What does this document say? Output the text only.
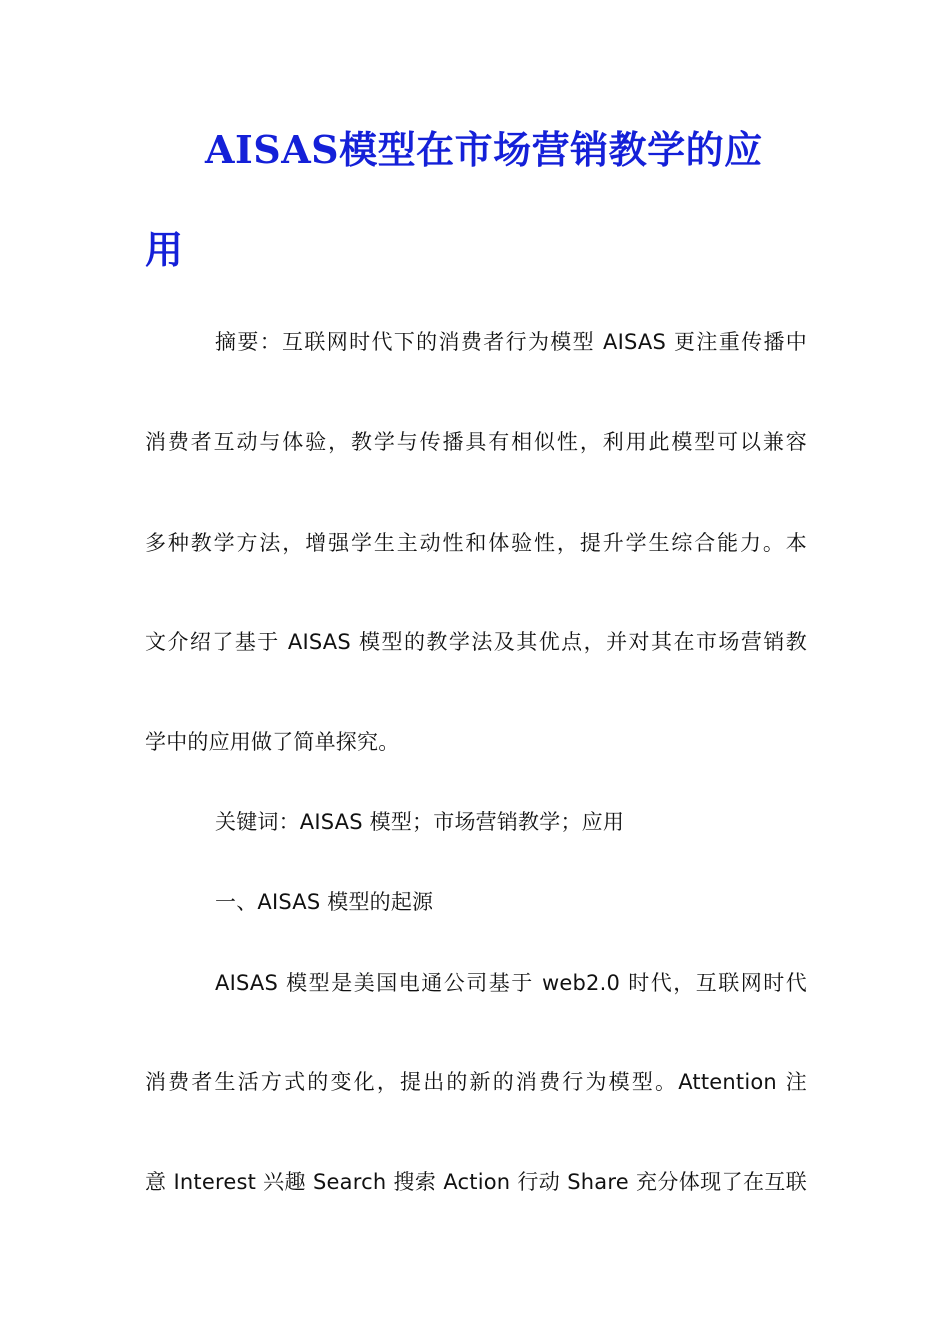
AISAS模型在市场营销教学的应
用

摘要：互联网时代下的消费者行为模型 AISAS 更注重传播中

消费者互动与体验，教学与传播具有相似性，利用此模型可以兼容

多种教学方法，增强学生主动性和体验性，提升学生综合能力。本

文介绍了基于 AISAS 模型的教学法及其优点，并对其在市场营销教

学中的应用做了简单探究。

关键词：AISAS 模型；市场营销教学；应用

一、AISAS 模型的起源

AISAS 模型是美国电通公司基于 web2.0 时代，互联网时代

消费者生活方式的变化，提出的新的消费行为模型。Attention 注

意 Interest 兴趣 Search 搜索 Action 行动 Share 充分体现了在互联
